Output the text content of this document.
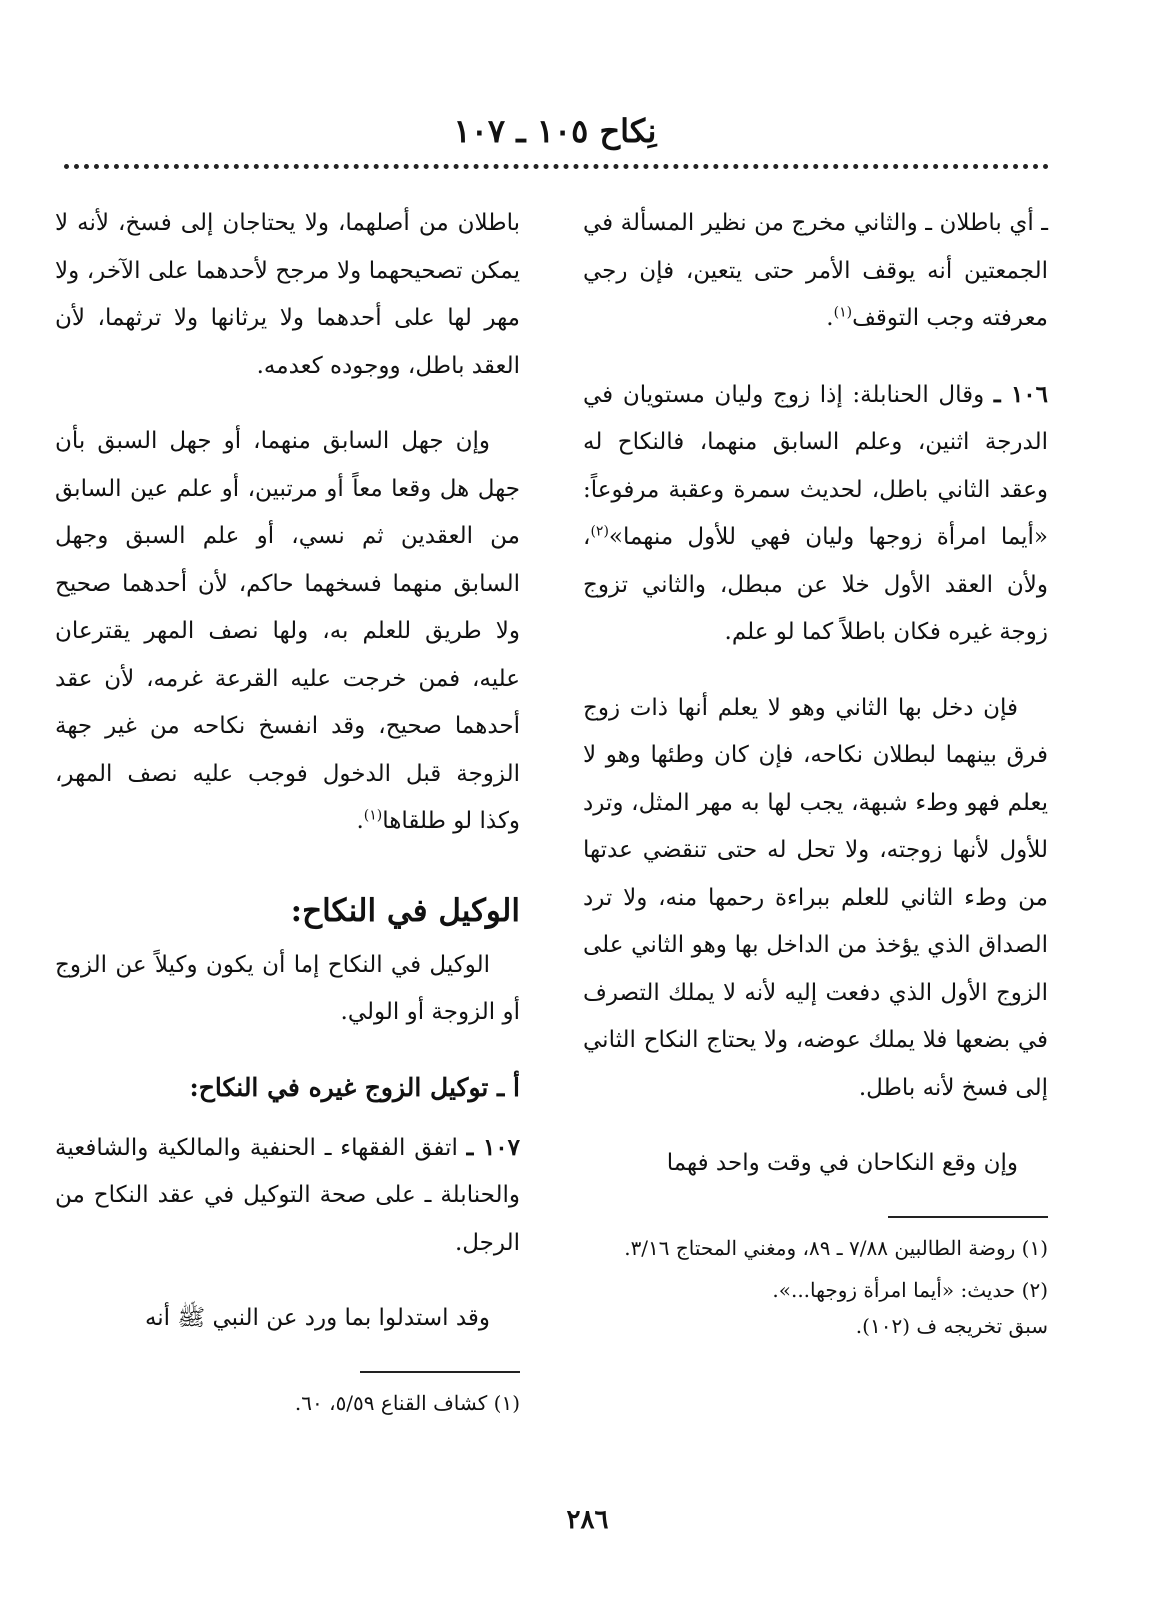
نِكاح ١٠٥ ـ ١٠٧

ـ أي باطلان ـ والثاني مخرج من نظير المسألة في الجمعتين أنه يوقف الأمر حتى يتعين، فإن رجي معرفته وجب التوقف$^{(١)}$.

١٠٦ ـ وقال الحنابلة: إذا زوج وليان مستويان في الدرجة اثنين، وعلم السابق منهما، فالنكاح له وعقد الثاني باطل، لحديث سمرة وعقبة مرفوعاً: «أيما امرأة زوجها وليان فهي للأول منهما»$^{(٢)}$، ولأن العقد الأول خلا عن مبطل، والثاني تزوج زوجة غيره فكان باطلاً كما لو علم.

فإن دخل بها الثاني وهو لا يعلم أنها ذات زوج فرق بينهما لبطلان نكاحه، فإن كان وطئها وهو لا يعلم فهو وطء شبهة، يجب لها به مهر المثل، وترد للأول لأنها زوجته، ولا تحل له حتى تنقضي عدتها من وطء الثاني للعلم ببراءة رحمها منه، ولا ترد الصداق الذي يؤخذ من الداخل بها وهو الثاني على الزوج الأول الذي دفعت إليه لأنه لا يملك التصرف في بضعها فلا يملك عوضه، ولا يحتاج النكاح الثاني إلى فسخ لأنه باطل.

وإن وقع النكاحان في وقت واحد فهما

(١) روضة الطالبين ٧/٨٨ ـ ٨٩، ومغني المحتاج ٣/١٦.
(٢) حديث: «أيما امرأة زوجها...».
سبق تخريجه ف (١٠٢).

باطلان من أصلهما، ولا يحتاجان إلى فسخ، لأنه لا يمكن تصحيحهما ولا مرجح لأحدهما على الآخر، ولا مهر لها على أحدهما ولا يرثانها ولا ترثهما، لأن العقد باطل، ووجوده كعدمه.

وإن جهل السابق منهما، أو جهل السبق بأن جهل هل وقعا معاً أو مرتبين، أو علم عين السابق من العقدين ثم نسي، أو علم السبق وجهل السابق منهما فسخهما حاكم، لأن أحدهما صحيح ولا طريق للعلم به، ولها نصف المهر يقترعان عليه، فمن خرجت عليه القرعة غرمه، لأن عقد أحدهما صحيح، وقد انفسخ نكاحه من غير جهة الزوجة قبل الدخول فوجب عليه نصف المهر، وكذا لو طلقاها$^{(١)}$.

الوكيل في النكاح:

الوكيل في النكاح إما أن يكون وكيلاً عن الزوج أو الزوجة أو الولي.

أ ـ توكيل الزوج غيره في النكاح:

١٠٧ ـ اتفق الفقهاء ـ الحنفية والمالكية والشافعية والحنابلة ـ على صحة التوكيل في عقد النكاح من الرجل.

وقد استدلوا بما ورد عن النبي ﷺ أنه

(١) كشاف القناع ٥/٥٩، ٦٠.
٢٨٦
